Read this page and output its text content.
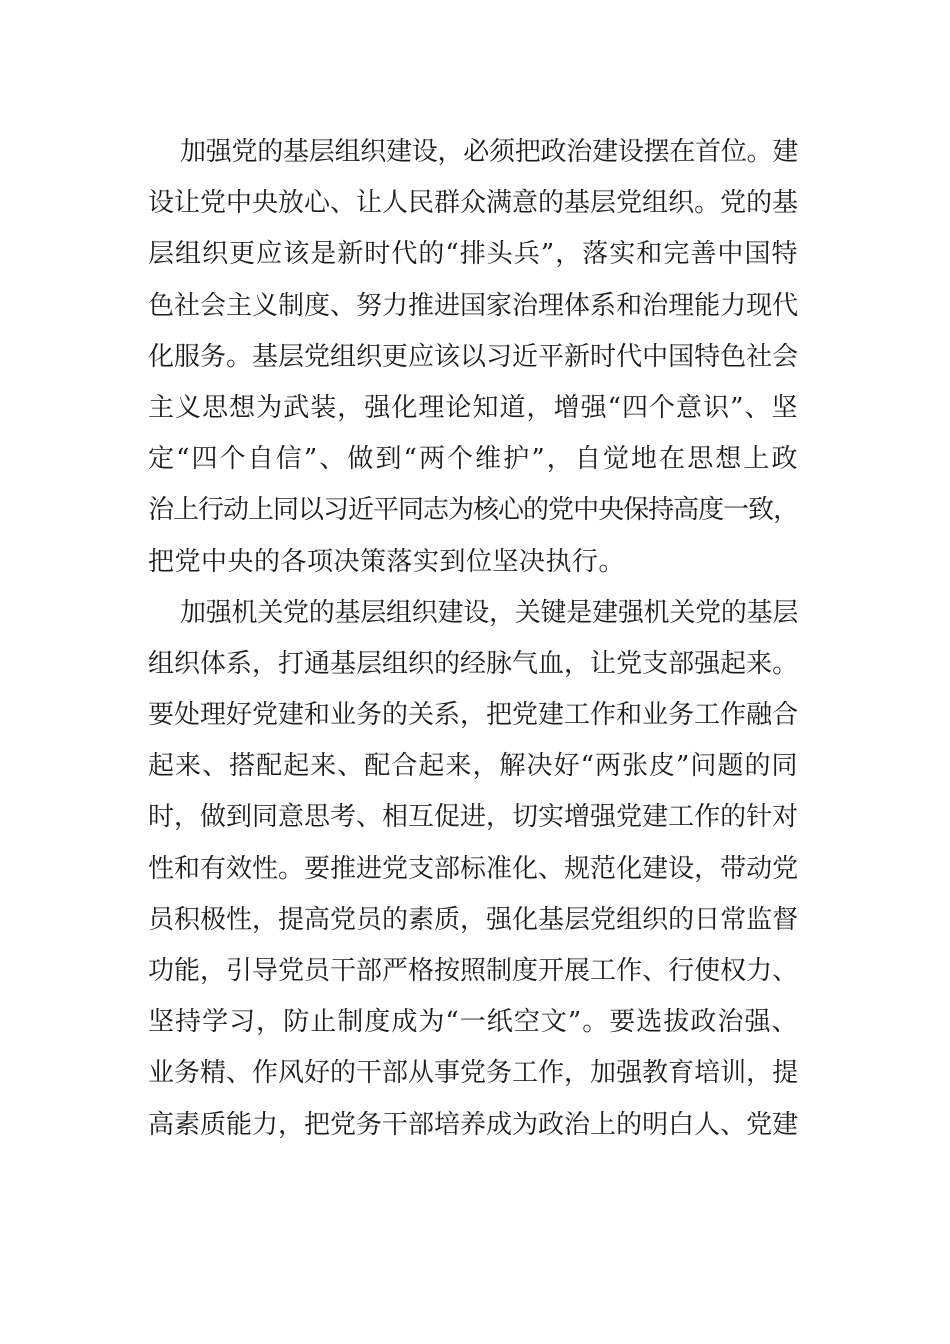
加强党的基层组织建设，必须把政治建设摆在首位。建
设让党中央放心、让人民群众满意的基层党组织。党的基
层组织更应该是新时代的“排头兵”，落实和完善中国特
色社会主义制度、努力推进国家治理体系和治理能力现代
化服务。基层党组织更应该以习近平新时代中国特色社会
主义思想为武装，强化理论知道，增强“四个意识”、坚
定“四个自信”、做到“两个维护”，自觉地在思想上政
治上行动上同以习近平同志为核心的党中央保持高度一致，
把党中央的各项决策落实到位坚决执行。
加强机关党的基层组织建设，关键是建强机关党的基层
组织体系，打通基层组织的经脉气血，让党支部强起来。
要处理好党建和业务的关系，把党建工作和业务工作融合
起来、搭配起来、配合起来，解决好“两张皮”问题的同
时，做到同意思考、相互促进，切实增强党建工作的针对
性和有效性。要推进党支部标准化、规范化建设，带动党
员积极性，提高党员的素质，强化基层党组织的日常监督
功能，引导党员干部严格按照制度开展工作、行使权力、
坚持学习，防止制度成为“一纸空文”。要选拔政治强、
业务精、作风好的干部从事党务工作，加强教育培训，提
高素质能力，把党务干部培养成为政治上的明白人、党建
